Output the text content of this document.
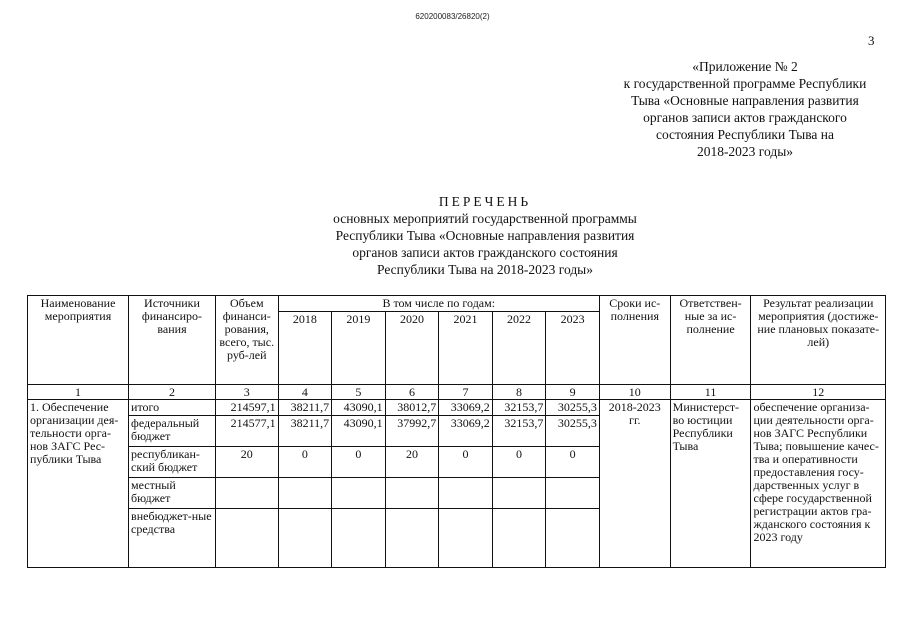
620200083/26820(2)
3
«Приложение № 2
к государственной программе Республики
Тыва «Основные направления развития
органов записи актов гражданского
состояния Республики Тыва на
2018-2023 годы»
ПЕРЕЧЕНЬ
основных мероприятий государственной программы
Республики Тыва «Основные направления развития
органов записи актов гражданского состояния
Республики Тыва на 2018-2023 годы»
Наименование мероприятия	Источники финансиро-вания	Объем финанси-рования, всего, тыс. руб-лей	В том числе по годам:						Сроки ис-полнения	Ответствен-ные за ис-полнение	Результат реализации мероприятия (достиже-ние плановых показате-лей)
			2018	2019	2020	2021	2022	2023			
1	2	3	4	5	6	7	8	9	10	11	12
1. Обеспечение организации дея-тельности орга-нов ЗАГС Рес-публики Тыва	итого	214597,1	38211,7	43090,1	38012,7	33069,2	32153,7	30255,3	2018-2023 гг.	Министерст-во юстиции Республики Тыва	обеспечение организа-ции деятельности орга-нов ЗАГС Республики Тыва; повышение качес-тва и оперативности предоставления госу-дарственных услуг в сфере государственной регистрации актов гра-жданского состояния к 2023 году
	федеральный бюджет	214577,1	38211,7	43090,1	37992,7	33069,2	32153,7	30255,3			
	республикан-ский бюджет	20	0	0	20	0	0	0			
	местный бюджет										
	внебюджет-ные средства										
